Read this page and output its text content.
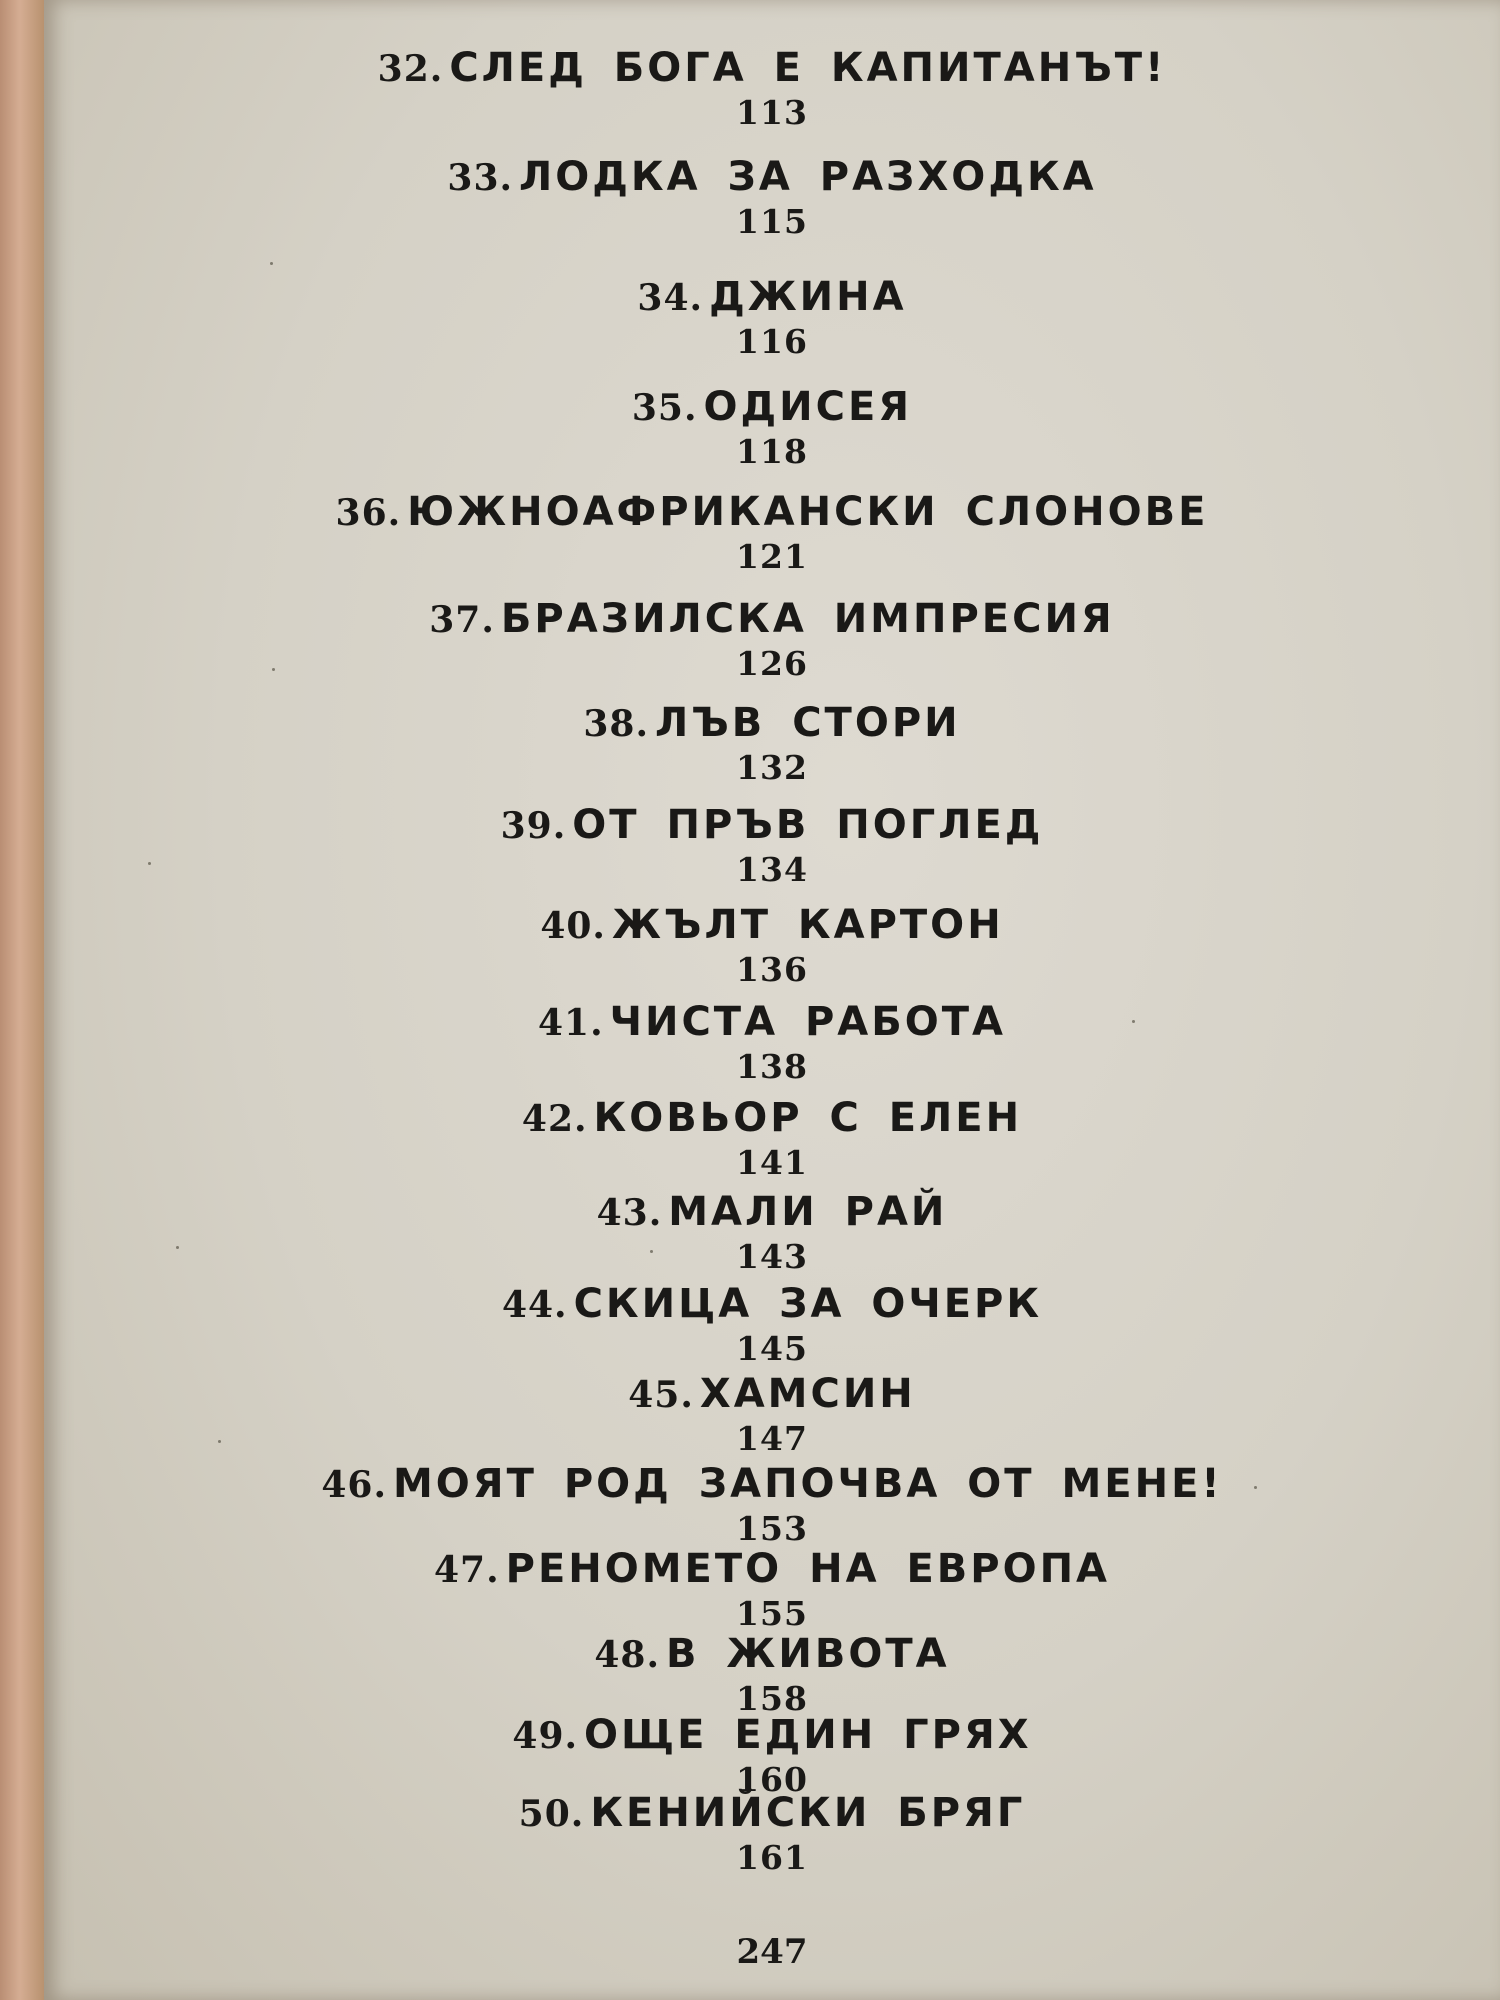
32. СЛЕД БОГА Е КАПИТАНЪТ!
113
33. ЛОДКА ЗА РАЗХОДКА
115
34. ДЖИНА
116
35. ОДИСЕЯ
118
36. ЮЖНОАФРИКАНСКИ СЛОНОВЕ
121
37. БРАЗИЛСКА ИМПРЕСИЯ
126
38. ЛЪВ СТОРИ
132
39. ОТ ПРЪВ ПОГЛЕД
134
40. ЖЪЛТ КАРТОН
136
41. ЧИСТА РАБОТА
138
42. КОВЬОР С ЕЛЕН
141
43. МАЛИ РАЙ
143
44. СКИЦА ЗА ОЧЕРК
145
45. ХАМСИН
147
46. МОЯТ РОД ЗАПОЧВА ОТ МЕНЕ!
153
47. РЕНОМЕТО НА ЕВРОПА
155
48. В ЖИВОТА
158
49. ОЩЕ ЕДИН ГРЯХ
160
50. КЕНИЙСКИ БРЯГ
161
247
